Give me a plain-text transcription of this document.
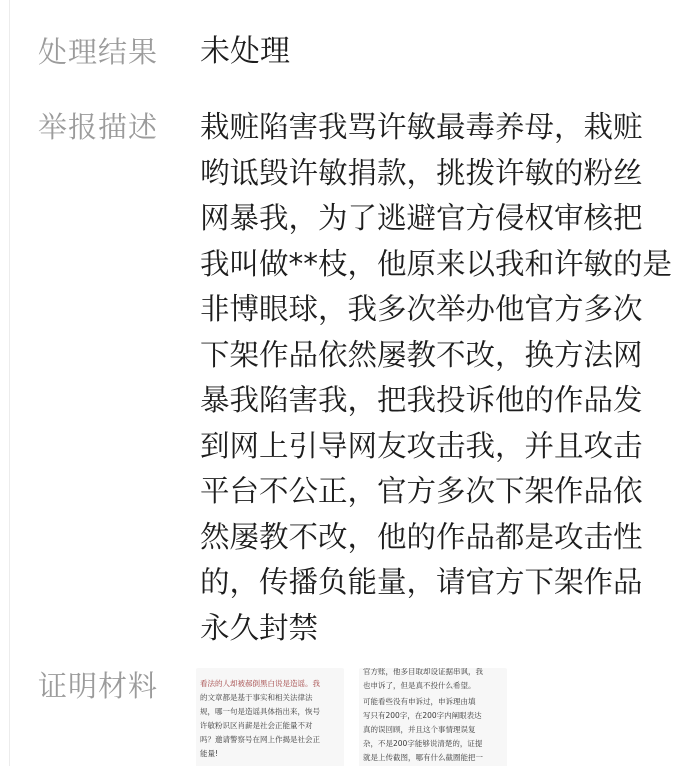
处理结果 未处理
举报描述 栽赃陷害我骂许敏最毒养母，栽赃
哟诋毁许敏捐款，挑拨许敏的粉丝
网暴我，为了逃避官方侵权审核把
我叫做**枝，他原来以我和许敏的是
非博眼球，我多次举办他官方多次
下架作品依然屡教不改，换方法网
暴我陷害我，把我投诉他的作品发
到网上引导网友攻击我，并且攻击
平台不公正，官方多次下架作品依
然屡教不改，他的作品都是攻击性
的，传播负能量，请官方下架作品
永久封禁
证明材料	看法的人却被郝倒黑白说是造谣。我
的文章都是基于事实和相关法律法
规，哪一句是造谣具体指出来，恢号
许敏粉识区肖薪是社会正能量不对
吗？邀请警察号在网上作揭是社会正
能量!
官方账，他多目取却设证据串讽，我
也申诉了，但是真不投什么希望。
可能看些没有申诉过，申诉理由填
写只有200字，在200字内阐眼表达
真的误回顾，并且这个事情理误复
杂，不是200字能够说清楚的，证提
就是上传截图，哪有什么截圈能把一
